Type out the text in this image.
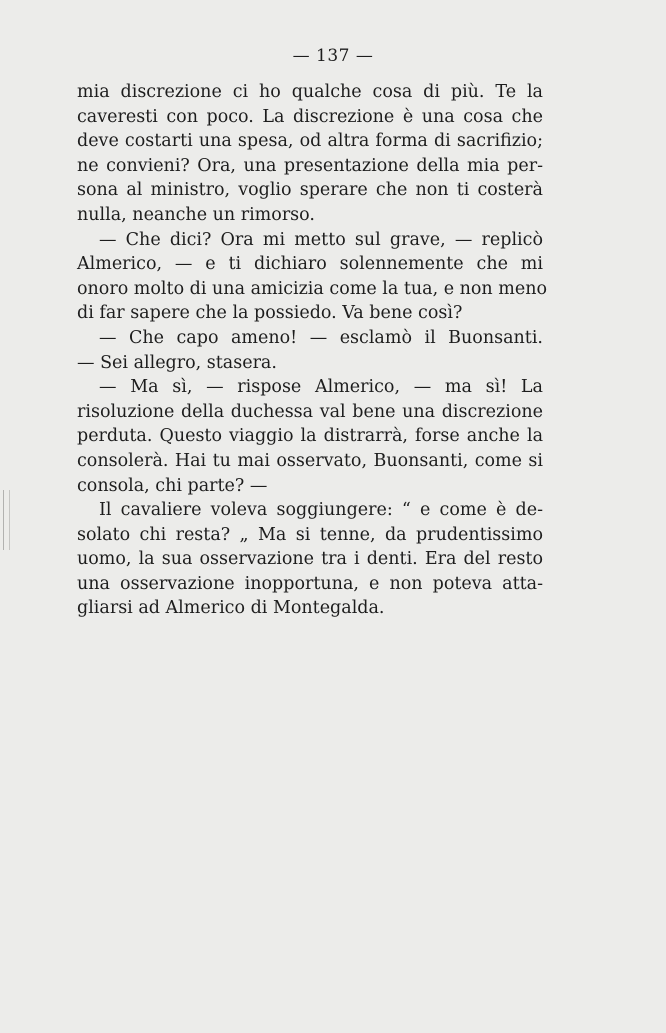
— 137 —
mia discrezione ci ho qualche cosa di più. Te la
caveresti con poco. La discrezione è una cosa che
deve costarti una spesa, od altra forma di sacrifizio;
ne convieni? Ora, una presentazione della mia per-
sona al ministro, voglio sperare che non ti costerà
nulla, neanche un rimorso.
— Che dici? Ora mi metto sul grave, — replicò
Almerico, — e ti dichiaro solennemente che mi
onoro molto di una amicizia come la tua, e non meno
di far sapere che la possiedo. Va bene così?
— Che capo ameno! — esclamò il Buonsanti.
— Sei allegro, stasera.
— Ma sì, — rispose Almerico, — ma sì! La
risoluzione della duchessa val bene una discrezione
perduta. Questo viaggio la distrarrà, forse anche la
consolerà. Hai tu mai osservato, Buonsanti, come si
consola, chi parte? —
Il cavaliere voleva soggiungere: “ e come è de-
solato chi resta? „ Ma si tenne, da prudentissimo
uomo, la sua osservazione tra i denti. Era del resto
una osservazione inopportuna, e non poteva atta-
gliarsi ad Almerico di Montegalda.
